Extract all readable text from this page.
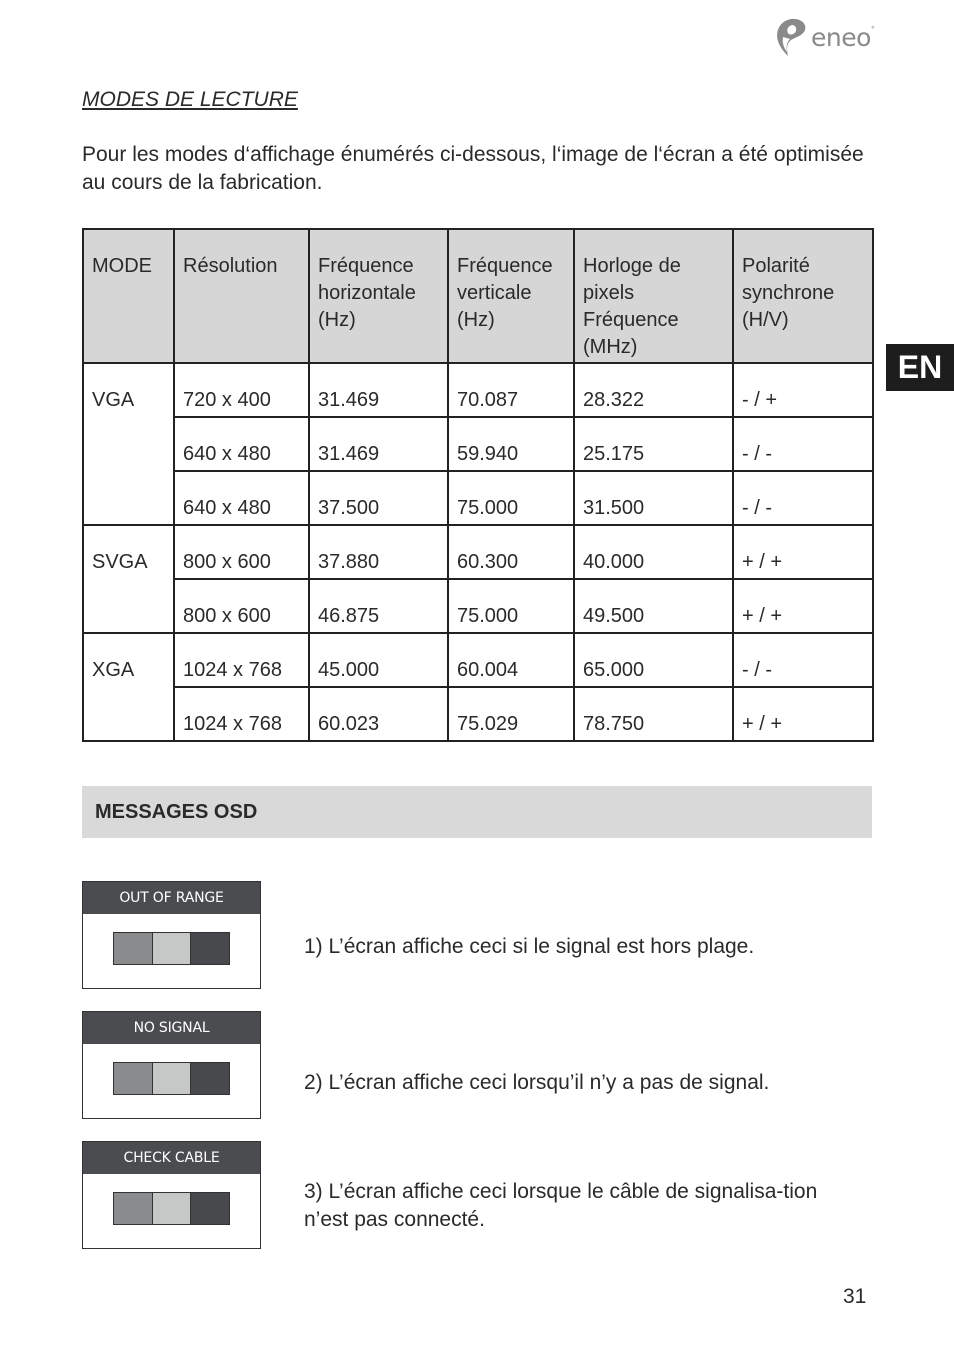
eneo°
MODES DE LECTURE
Pour les modes d‘affichage énumérés ci-dessous, l‘image de l‘écran a été optimisée au cours de la fabrication.
EN
MODE	Résolution	Fréquence horizontale (Hz)	Fréquence verticale (Hz)	Horloge de pixels Fréquence (MHz)	Polarité synchrone (H/V)
VGA	720 x 400	31.469	70.087	28.322	- / +
	640 x 480	31.469	59.940	25.175	- / -
	640 x 480	37.500	75.000	31.500	- / -
SVGA	800 x 600	37.880	60.300	40.000	+ / +
	800 x 600	46.875	75.000	49.500	+ / +
XGA	1024 x 768	45.000	60.004	65.000	- / -
	1024 x 768	60.023	75.029	78.750	+ / +
MESSAGES OSD
OUT OF RANGE
1) L’écran affiche ceci si le signal est hors plage.
NO SIGNAL
2) L’écran affiche ceci lorsqu’il n’y a pas de signal.
CHECK CABLE
3) L’écran affiche ceci lorsque le câble de signalisa-tion n’est pas connecté.
31
